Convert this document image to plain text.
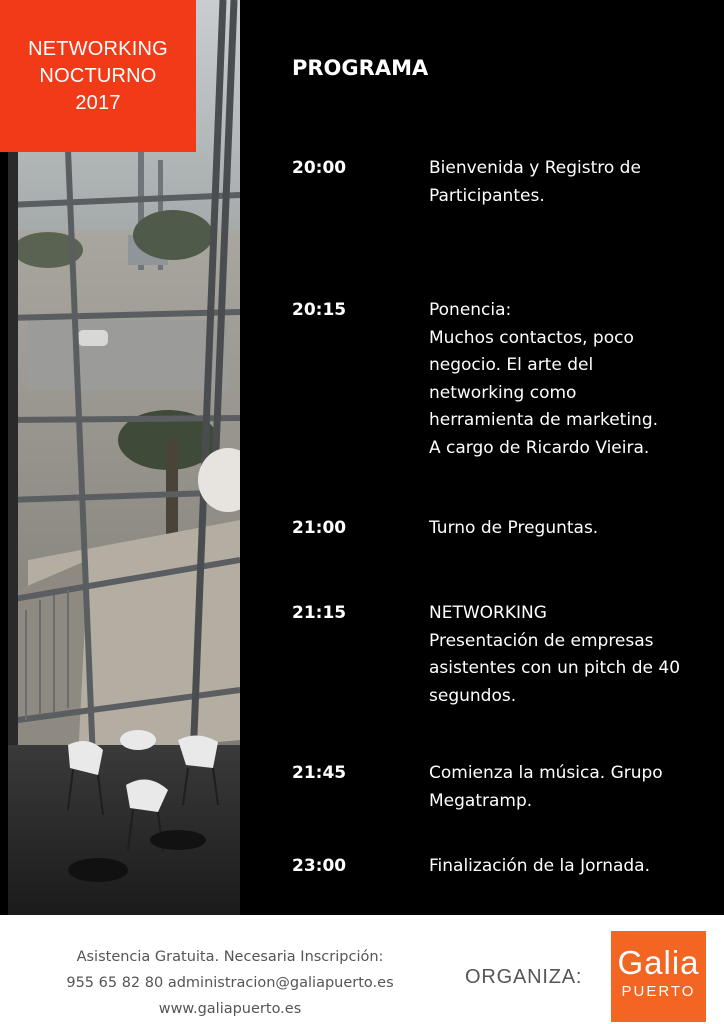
NETWORKING
NOCTURNO
2017
PROGRAMA
20:00	Bienvenida y Registro de
Participantes.
20:15	Ponencia:
Muchos contactos, poco
negocio. El arte del
networking como
herramienta de marketing.
A cargo de Ricardo Vieira.
21:00	Turno de Preguntas.
21:15	NETWORKING
Presentación de empresas
asistentes con un pitch de 40
segundos.
21:45	Comienza la música. Grupo
Megatramp.
23:00	Finalización de la Jornada.
Asistencia Gratuita. Necesaria Inscripción:
955 65 82 80 administracion@galiapuerto.es
www.galiapuerto.es
ORGANIZA: Galia
PUERTO
